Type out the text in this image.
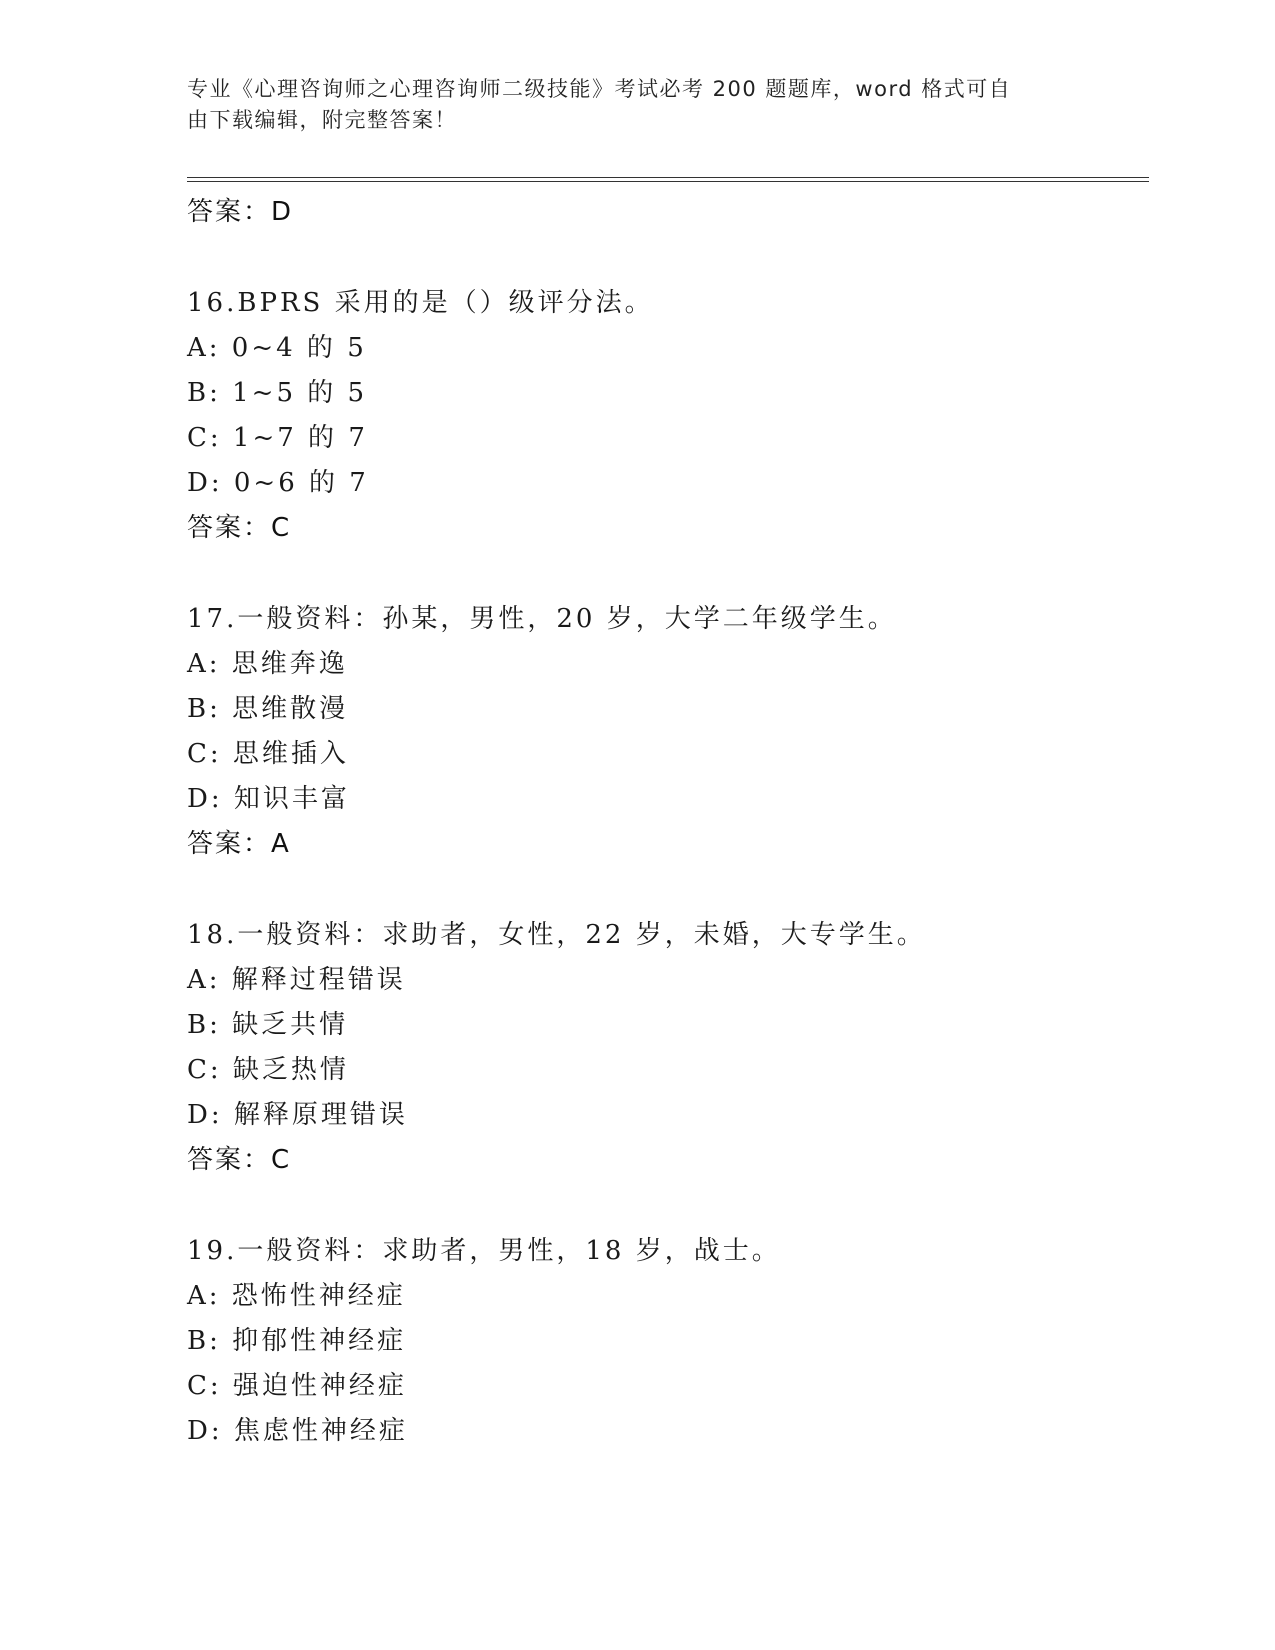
专业《心理咨询师之心理咨询师二级技能》考试必考 200 题题库，word 格式可自
由下载编辑，附完整答案！
答案：D
16.BPRS 采用的是（）级评分法。
A: 0~4 的 5
B: 1~5 的 5
C: 1~7 的 7
D: 0~6 的 7
答案：C
17.一般资料：孙某，男性，20 岁，大学二年级学生。
A: 思维奔逸
B: 思维散漫
C: 思维插入
D: 知识丰富
答案：A
18.一般资料：求助者，女性，22 岁，未婚，大专学生。
A: 解释过程错误
B: 缺乏共情
C: 缺乏热情
D: 解释原理错误
答案：C
19.一般资料：求助者，男性，18 岁，战士。
A: 恐怖性神经症
B: 抑郁性神经症
C: 强迫性神经症
D: 焦虑性神经症
